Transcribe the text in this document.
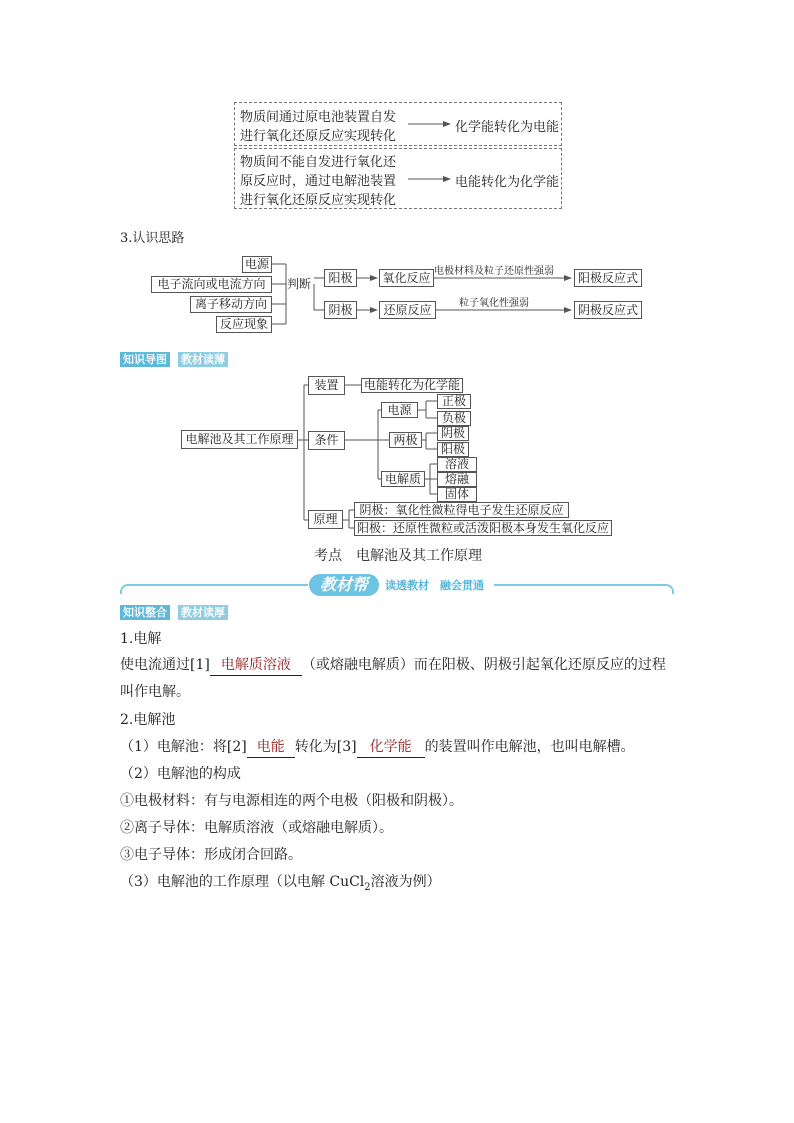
物质间通过原电池装置自发
进行氧化还原反应实现转化
化学能转化为电能
物质间不能自发进行氧化还
原反应时，通过电解池装置
进行氧化还原反应实现转化
电能转化为化学能
3.认识思路
电源
电子流向或电流方向
离子移动方向
反应现象
判断	阳极
阴极
氧化反应
还原反应
电极材料及粒子还原性强弱
粒子氧化性强弱
阳极反应式
阴极反应式
知识导图 教材读薄
电解池及其工作原理
装置	电能转化为化学能
条件
电源
正极
负极
两极	阴极
阳极
电解质
溶液
熔融
固体
原理
阴极：氧化性微粒得电子发生还原反应
阳极：还原性微粒或活泼阳极本身发生氧化反应
考点　电解池及其工作原理
教材帮	读透教材　融会贯通
知识整合 教材读厚
1.电解
使电流通过[1] 电解质溶液 （或熔融电解质）而在阳极、阴极引起氧化还原反应的过程
叫作电解。
2.电解池
（1）电解池：将[2] 电能 转化为[3] 化学能 的装置叫作电解池，也叫电解槽。
（2）电解池的构成
①电极材料：有与电源相连的两个电极（阳极和阴极）。
②离子导体：电解质溶液（或熔融电解质）。
③电子导体：形成闭合回路。
（3）电解池的工作原理（以电解 CuCl$_2$溶液为例）
